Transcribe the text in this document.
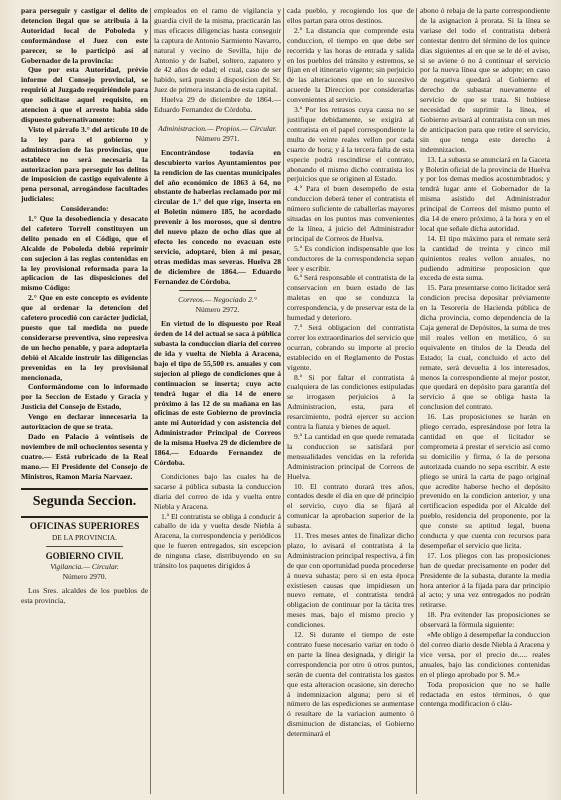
para perseguir y castigar el delito de detencion ilegal que se atribuia á la Autoridad local de Poboleda y conformándose el Juez con este parecer, se lo participó así al Gobernador de la provincia:

Que por esta Autoridad, prévio informe del Consejo provincial, se requirió al Juzgado requiriéndole para que solicitase aquel requisito, en atencion á que el arresto habia sido dispuesto gubernativamente:

Visto el párrafo 3.° del artículo 10 de la ley para el gobierno y administracion de las provincias, que establece no será necesaria la autorizacion para perseguir los delitos de imposicion de castigo equivalente á pena personal, arrogándose facultades judiciales:

Considerando:

1.° Que la desobediencia y desacato del cafetero Torrell constituyen un delito penado en el Código, que el Alcalde de Poboleda debió reprimir con sujecion á las reglas contenidas en la ley provisional reformada para la aplicacion de las disposiciones del mismo Código:

2.° Que en este concepto es evidente que al ordenar la detencion del cafetero procedió con carácter judicial, puesto que tal medida no puede considerarse preventiva, sino represiva de un hecho penable, y para adoptarla debió el Alcalde instruir las diligencias prevenidas en la ley provisional mencionada,

Conformándome con lo informado por la Seccion de Estado y Gracia y Justicia del Consejo de Estado,

Vengo en declarar innecesaria la autorizacion de que se trata.

Dado en Palacio á veintiseis de noviembre de mil ochocientos sesenta y cuatro.— Está rubricado de la Real mano.— El Presidente del Consejo de Ministros, Ramon María Narvaez.

Segunda Seccion.

OFICINAS SUPERIORES

DE LA PROVINCIA.

GOBIERNO CIVIL

Vigilancia.— Circular.

Número 2970.

Los Sres. alcaldes de los pueblos de esta provincia,

empleados en el ramo de vigilancia y guardia civil de la misma, practicarán las mas eficaces diligencias hasta conseguir la captura de Antonio Sarmiento Navarro, natural y vecino de Sevilla, hijo de Antonio y de Isabel, soltero, zapatero y de 42 años de edad; el cual, caso de ser habido, será puesto á disposicion del Sr. Juez de primera instancia de esta capital.

Huelva 29 de diciembre de 1864.—Eduardo Fernandez de Córdoba.

Administracion.— Propios.— Circular.

Número 2971.

Encontrándose todavía en descubierto varios Ayuntamientos por la rendicion de las cuentas municipales del año económico de 1863 á 64, no obstante de haberlas reclamado por mi circular de 1.° del que rige, inserta en el Boletin número 185, he acordado prevenir á los morosos, que si dentro del nuevo plazo de ocho dias que al efecto les concedo no evacuan este servicio, adoptaré, bien á mi pesar, otras medidas mas severas. Huelva 28 de diciembre de 1864.— Eduardo Fernandez de Córdoba.

Correos.— Negociado 2.°

Número 2972.

En virtud de lo dispuesto por Real órden de 14 del actual se saca á pública subasta la conduccion diaria del correo de ida y vuelta de Niebla á Aracena, bajo el tipo de 55,500 rs. anuales y con sujecion al pliego de condiciones que á continuacion se inserta; cuyo acto tendrá lugar el dia 14 de enero próximo á las 12 de su mañana en las oficinas de este Gobierno de provincia ante mi Autoridad y con asistencia del Administrador Principal de Correos de la misma Huelva 29 de diciembre de 1864.— Eduardo Fernandez de Córdoba.

Condiciones bajo las cuales ha de sacarse á pública subasta la conduccion diaria del correo de ida y vuelta entre Niebla y Aracena.

1.ª El contratista se obliga á conducir á caballo de ida y vuelta desde Niebla á Aracena, la correspondencia y periódicos que le fueren entregados, sin escepcion de ninguna clase, distribuyendo en su tránsito los paquetes dirigidos á

cada pueblo, y recogiendo los que de ellos partan para otros destinos.

2.ª La distancia que comprende esta conduccion, el tiempo en que debe ser recorrida y las horas de entrada y salida en los pueblos del tránsito y estremos, se fijan en el itinerario vigente; sin perjuicio de las alteraciones que en lo sucesivo acuerde la Direccion por considerarlas convenientes al servicio.

3.ª Por los retrasos cuya causa no se justifique debidamente, se exigirá al contratista en el papel correspondiente la multa de veinte reales vellon por cada cuarto de hora; y á la tercera falta de esta especie podrá rescindirse el contrato, abonando el mismo dicho contratista los perjuicios que se originen al Estado.

4.ª Para el buen desempeño de esta conduccion deberá tener el contratista el número suficiente de caballerías mayores situadas en los puntos mas convenientes de la línea, á juicio del Administrador principal de Correos de Huelva.

5.ª Es condicion indispensable que los conductores de la correspondencia sepan leer y escribir.

6.ª Será responsable el contratista de la conservacion en buen estado de las maletas en que se conduzca la correspondencia, y de preservar esta de la humedad y deterioro.

7.ª Será obligacion del contratista correr los extraordinarios del servicio que ocurran, cobrando su importe al precio establecido en el Reglamento de Postas vigente.

8.ª Si por faltar el contratista á cualquiera de las condiciones estipuladas se irrogasen perjuicios á la Administracion, esta, para el resarcimiento, podrá ejercer su accion contra la fianza y bienes de aquel.

9.ª La cantidad en que quede rematada la conduccion se satisfará por mensualidades vencidas en la referida Administracion principal de Correos de Huelva.

10. El contrato durará tres años, contados desde el dia en que dé principio el servicio, cuyo dia se fijará al comunicar la aprobacion superior de la subasta.

11. Tres meses antes de finalizar dicho plazo, lo avisará el contratista á la Administracion principal respectiva, á fin de que con oportunidad pueda procederse á nueva subasta; pero si en esta época existiesen causas que impidiesen un nuevo remate, el contratista tendrá obligacion de continuar por la tácita tres meses mas, bajo el mismo precio y condiciones.

12. Si durante el tiempo de este contrato fuese necesario variar en todo ó en parte la línea designada, y dirigir la correspondencia por otro ú otros puntos, serán de cuenta del contratista los gastos que esta alteracion ocasione, sin derecho á indemnizacion alguna; pero si el número de las espediciones se aumentase ó resultare de la variacion aumento ó disminucion de distancias, el Gobierno determinará el

abono ó rebaja de la parte correspondiente de la asignacion á prorata. Si la línea se variase del todo el contratista deberá contestar dentro del término de los quince dias siguientes al en que se le dé el aviso, si se aviene ó no á continuar el servicio por la nueva línea que se adopte; en caso de negativa quedará al Gobierno el derecho de subastar nuevamente el servicio de que se trata. Si hubiese necesidad de suprimir la línea, el Gobierno avisará al contratista con un mes de anticipacion para que retire el servicio, sin que tenga este derecho á indemnizacion.

13. La subasta se anunciará en la Gaceta y Boletin oficial de la provincia de Huelva y por los demas medios acostumbrados; y tendrá lugar ante el Gobernador de la misma asistido del Administrador principal de Correos del mismo punto el dia 14 de enero próximo, á la hora y en el local que señale dicha autoridad.

14. El tipo máximo para el remate será la cantidad de treinta y cinco mil quinientos reales vellon anuales, no pudiendo admitirse proposicion que exceda de esta suma.

15. Para presentarse como licitador será condicion precisa depositar préviamente en la Tesorería de Hacienda pública de dicha provincia, como dependencia de la Caja general de Depósitos, la suma de tres mil reales vellon en metálico, ó su equivalente en títulos de la Deuda del Estado; la cual, concluido el acto del remate, será devuelta á los interesados, menos la correspondiente al mejor postor, que quedará en depósito para garantía del servicio á que se obliga hasta la conclusion del contrato.

16. Las proposiciones se harán en pliego cerrado, espresándose por letra la cantidad en que el licitador se comprometa á prestar el servicio así como su domicilio y firma, ó la de persona autorizada cuando no sepa escribir. A este pliego se unirá la carta de pago original que acredite haberse hecho el depósito prevenido en la condicion anterior, y una certificacion espedida por el Alcalde del pueblo, residencia del proponente, por la que conste su aptitud legal, buena conducta y que cuenta con recursos para desempeñar el servicio que licita.

17. Los pliegos con las proposiciones han de quedar precisamente en poder del Presidente de la subasta, durante la media hora anterior á la fijada para dar principio al acto; y una vez entregados no podrán retirarse.

18. Pra evitender las proposiciones se observará la fórmula siguiente:

«Me obligo á desempeñar la conduccion del correo diario desde Niebla á Aracena y vice versa, por el precio de..... reales anuales, bajo las condiciones contenidas en el pliego aprobado por S. M.»

Toda proposicion que no se halle redactada en estos términos, ó que contenga modificacion ó cláu-
